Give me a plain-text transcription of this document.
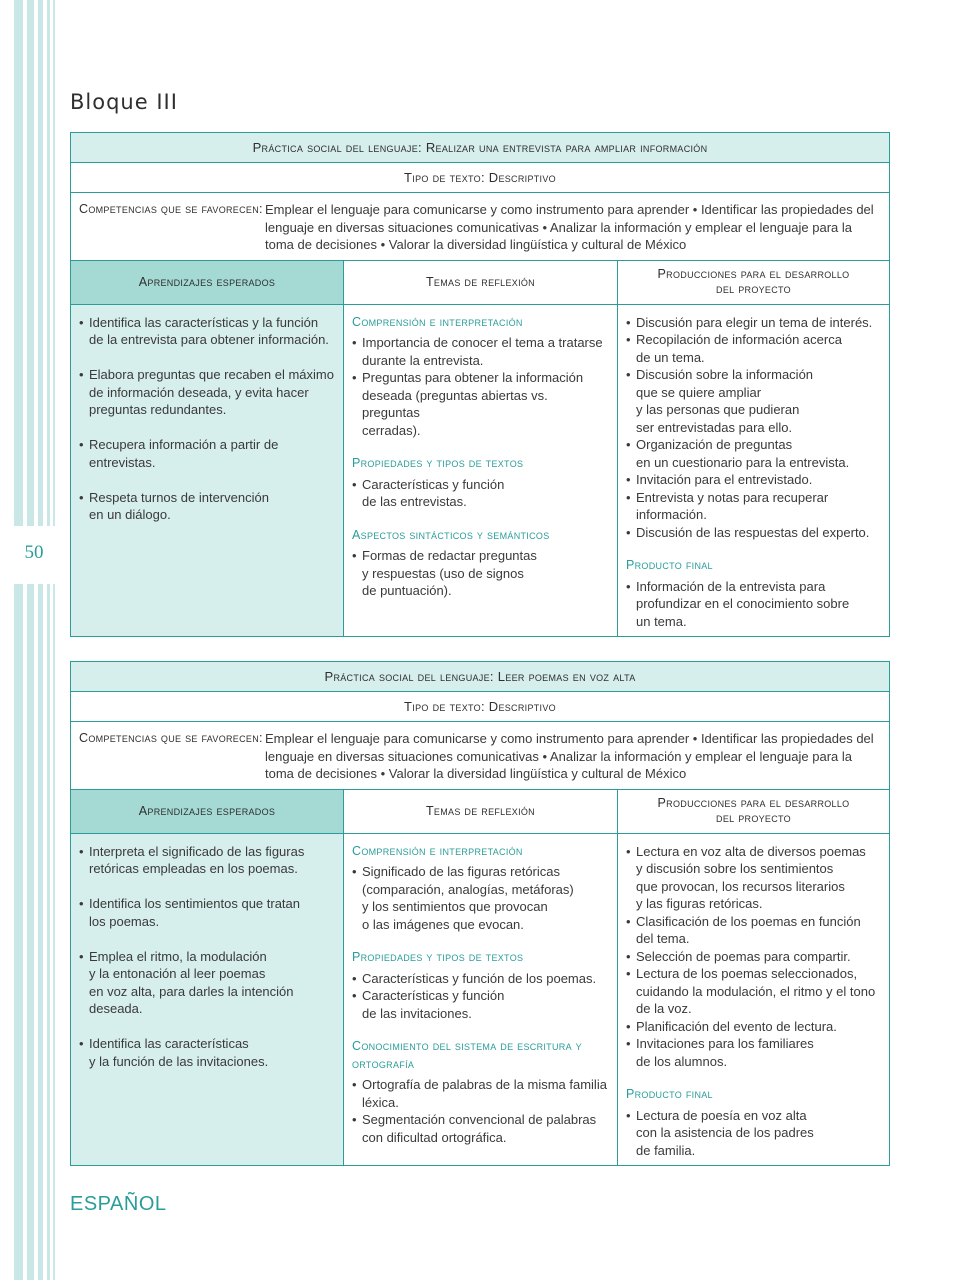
50
Bloque III
Práctica social del lenguaje: Realizar una entrevista para ampliar información
Tipo de texto: Descriptivo
Competencias que se favorecen: Emplear el lenguaje para comunicarse y como instrumento para aprender • Identificar las propiedades del lenguaje en diversas situaciones comunicativas • Analizar la información y emplear el lenguaje para la toma de decisiones • Valorar la diversidad lingüística y cultural de México
Aprendizajes esperados	Temas de reflexión
Producciones para el desarrollo
del proyecto
• Identifica las características y la función
de la entrevista para obtener información.
• Elabora preguntas que recaben el máximo
de información deseada, y evita hacer
preguntas redundantes.
• Recupera información a partir de entrevistas.
• Respeta turnos de intervención
en un diálogo.
Comprensión e interpretación
• Importancia de conocer el tema a tratarse
durante la entrevista.
• Preguntas para obtener la información
deseada (preguntas abiertas vs. preguntas
cerradas).
Propiedades y tipos de textos
• Características y función
de las entrevistas.
Aspectos sintácticos y semánticos
• Formas de redactar preguntas
y respuestas (uso de signos
de puntuación).
• Discusión para elegir un tema de interés.
• Recopilación de información acerca
de un tema.
• Discusión sobre la información
que se quiere ampliar
y las personas que pudieran
ser entrevistadas para ello.
• Organización de preguntas
en un cuestionario para la entrevista.
• Invitación para el entrevistado.
• Entrevista y notas para recuperar información.
• Discusión de las respuestas del experto.
Producto final
• Información de la entrevista para
profundizar en el conocimiento sobre
un tema.
Práctica social del lenguaje: Leer poemas en voz alta
Tipo de texto: Descriptivo
Competencias que se favorecen: Emplear el lenguaje para comunicarse y como instrumento para aprender • Identificar las propiedades del lenguaje en diversas situaciones comunicativas • Analizar la información y emplear el lenguaje para la toma de decisiones • Valorar la diversidad lingüística y cultural de México
Aprendizajes esperados	Temas de reflexión
Producciones para el desarrollo
del proyecto
• Interpreta el significado de las figuras
retóricas empleadas en los poemas.
• Identifica los sentimientos que tratan
los poemas.
• Emplea el ritmo, la modulación
y la entonación al leer poemas
en voz alta, para darles la intención
deseada.
• Identifica las características
y la función de las invitaciones.
Comprensión e interpretación
• Significado de las figuras retóricas
(comparación, analogías, metáforas)
y los sentimientos que provocan
o las imágenes que evocan.
Propiedades y tipos de textos
• Características y función de los poemas.
• Características y función
de las invitaciones.
Conocimiento del sistema de escritura y ortografía
• Ortografía de palabras de la misma familia
léxica.
• Segmentación convencional de palabras
con dificultad ortográfica.
• Lectura en voz alta de diversos poemas
y discusión sobre los sentimientos
que provocan, los recursos literarios
y las figuras retóricas.
• Clasificación de los poemas en función
del tema.
• Selección de poemas para compartir.
• Lectura de los poemas seleccionados,
cuidando la modulación, el ritmo y el tono
de la voz.
• Planificación del evento de lectura.
• Invitaciones para los familiares
de los alumnos.
Producto final
• Lectura de poesía en voz alta
con la asistencia de los padres
de familia.
ESPAÑOL
